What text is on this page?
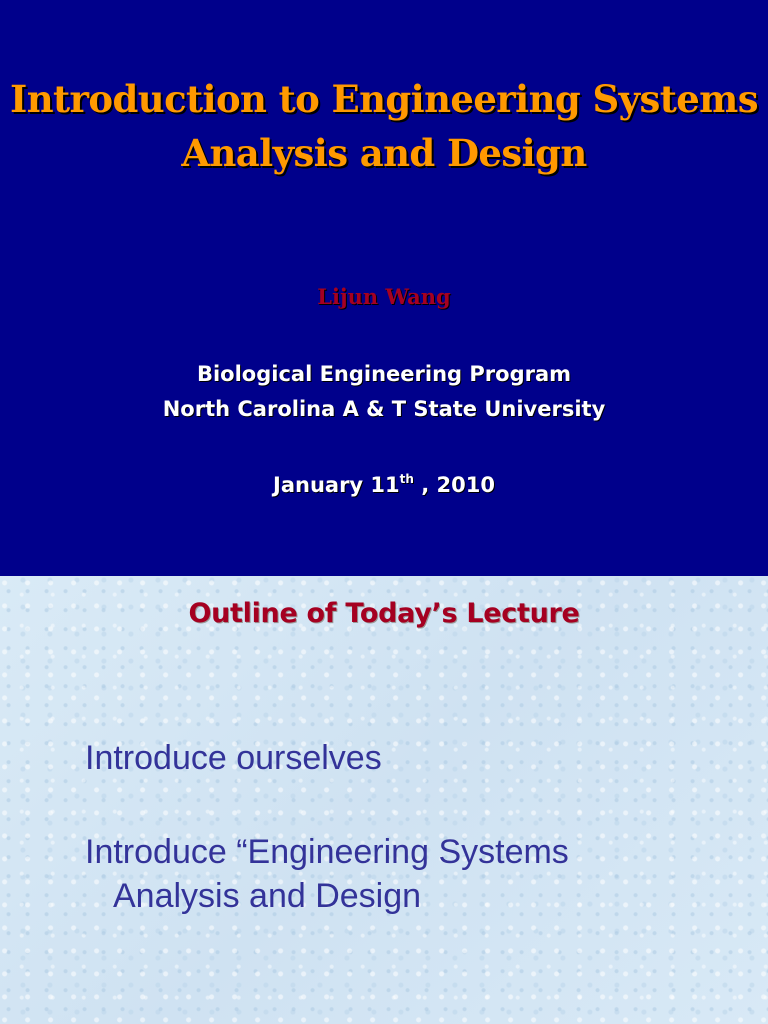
Introduction to Engineering Systems
Analysis and Design
Lijun Wang
Biological Engineering Program
North Carolina A & T State University
January 11th , 2010
Outline of Today’s Lecture
Introduce ourselves
Introduce “Engineering Systems
Analysis and Design
